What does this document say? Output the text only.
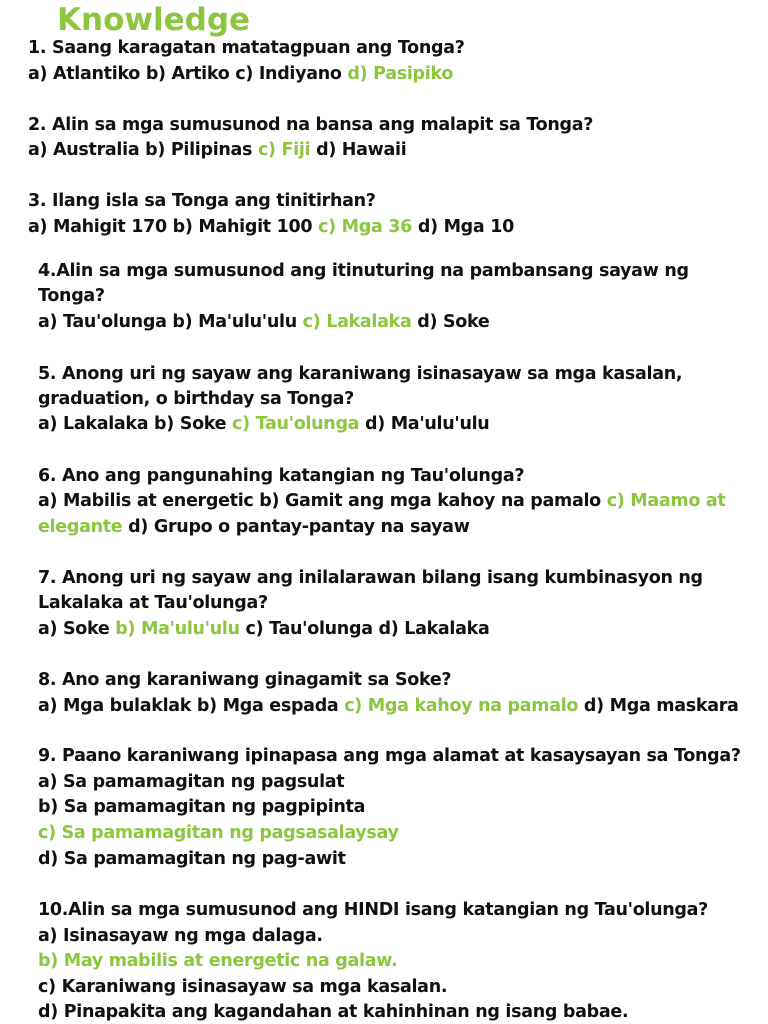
Knowledge
1. Saang karagatan matatagpuan ang Tonga?
a) Atlantiko b) Artiko c) Indiyano d) Pasipiko
2. Alin sa mga sumusunod na bansa ang malapit sa Tonga?
a) Australia b) Pilipinas c) Fiji d) Hawaii
3. Ilang isla sa Tonga ang tinitirhan?
a) Mahigit 170 b) Mahigit 100 c) Mga 36 d) Mga 10
4.Alin sa mga sumusunod ang itinuturing na pambansang sayaw ng
Tonga?
a) Tau'olunga b) Ma'ulu'ulu c) Lakalaka d) Soke
5. Anong uri ng sayaw ang karaniwang isinasayaw sa mga kasalan,
graduation, o birthday sa Tonga?
a) Lakalaka b) Soke c) Tau'olunga d) Ma'ulu'ulu
6. Ano ang pangunahing katangian ng Tau'olunga?
a) Mabilis at energetic b) Gamit ang mga kahoy na pamalo c) Maamo at
elegante d) Grupo o pantay-pantay na sayaw
7. Anong uri ng sayaw ang inilalarawan bilang isang kumbinasyon ng
Lakalaka at Tau'olunga?
a) Soke b) Ma'ulu'ulu c) Tau'olunga d) Lakalaka
8. Ano ang karaniwang ginagamit sa Soke?
a) Mga bulaklak b) Mga espada c) Mga kahoy na pamalo d) Mga maskara
9. Paano karaniwang ipinapasa ang mga alamat at kasaysayan sa Tonga?
a) Sa pamamagitan ng pagsulat
b) Sa pamamagitan ng pagpipinta
c) Sa pamamagitan ng pagsasalaysay
d) Sa pamamagitan ng pag-awit
10.Alin sa mga sumusunod ang HINDI isang katangian ng Tau'olunga?
a) Isinasayaw ng mga dalaga.
b) May mabilis at energetic na galaw.
c) Karaniwang isinasayaw sa mga kasalan.
d) Pinapakita ang kagandahan at kahinhinan ng isang babae.
